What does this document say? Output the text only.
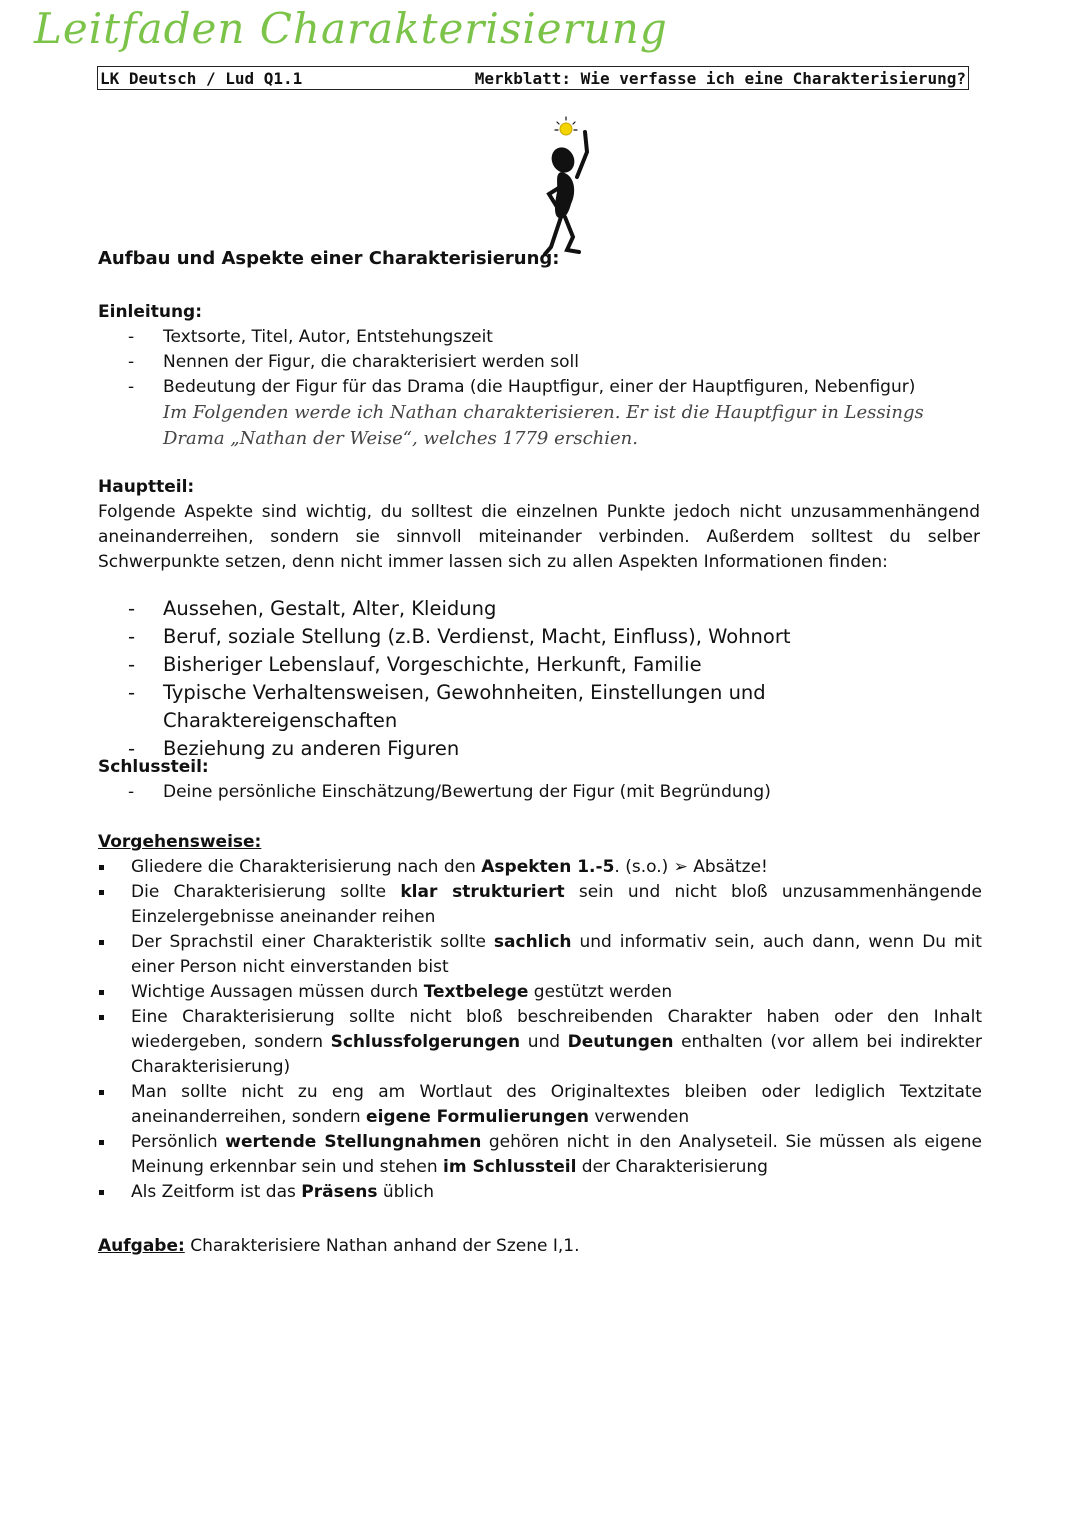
Leitfaden Charakterisierung
LK Deutsch / Lud Q1.1	Merkblatt: Wie verfasse ich eine Charakterisierung?
Aufbau und Aspekte einer Charakterisierung:
Einleitung:
- Textsorte, Titel, Autor, Entstehungszeit
- Nennen der Figur, die charakterisiert werden soll
- Bedeutung der Figur für das Drama (die Hauptfigur, einer der Hauptfiguren, Nebenfigur)
Im Folgenden werde ich Nathan charakterisieren. Er ist die Hauptfigur in Lessings Drama „Nathan der Weise“, welches 1779 erschien.
Hauptteil:
Folgende Aspekte sind wichtig, du solltest die einzelnen Punkte jedoch nicht unzusammenhängend aneinanderreihen, sondern sie sinnvoll miteinander verbinden. Außerdem solltest du selber Schwerpunkte setzen, denn nicht immer lassen sich zu allen Aspekten Informationen finden:
- Aussehen, Gestalt, Alter, Kleidung
- Beruf, soziale Stellung (z.B. Verdienst, Macht, Einfluss), Wohnort
- Bisheriger Lebenslauf, Vorgeschichte, Herkunft, Familie
- Typische Verhaltensweisen, Gewohnheiten, Einstellungen und Charaktereigenschaften
- Beziehung zu anderen Figuren
Schlussteil:
- Deine persönliche Einschätzung/Bewertung der Figur (mit Begründung)
Vorgehensweise:
Gliedere die Charakterisierung nach den Aspekten 1.-5. (s.o.) ➢ Absätze!
Die Charakterisierung sollte klar strukturiert sein und nicht bloß unzusammenhängende Einzelergebnisse aneinander reihen
Der Sprachstil einer Charakteristik sollte sachlich und informativ sein, auch dann, wenn Du mit einer Person nicht einverstanden bist
Wichtige Aussagen müssen durch Textbelege gestützt werden
Eine Charakterisierung sollte nicht bloß beschreibenden Charakter haben oder den Inhalt wiedergeben, sondern Schlussfolgerungen und Deutungen enthalten (vor allem bei indirekter Charakterisierung)
Man sollte nicht zu eng am Wortlaut des Originaltextes bleiben oder lediglich Textzitate aneinanderreihen, sondern eigene Formulierungen verwenden
Persönlich wertende Stellungnahmen gehören nicht in den Analyseteil. Sie müssen als eigene Meinung erkennbar sein und stehen im Schlussteil der Charakterisierung
Als Zeitform ist das Präsens üblich
Aufgabe: Charakterisiere Nathan anhand der Szene I,1.
